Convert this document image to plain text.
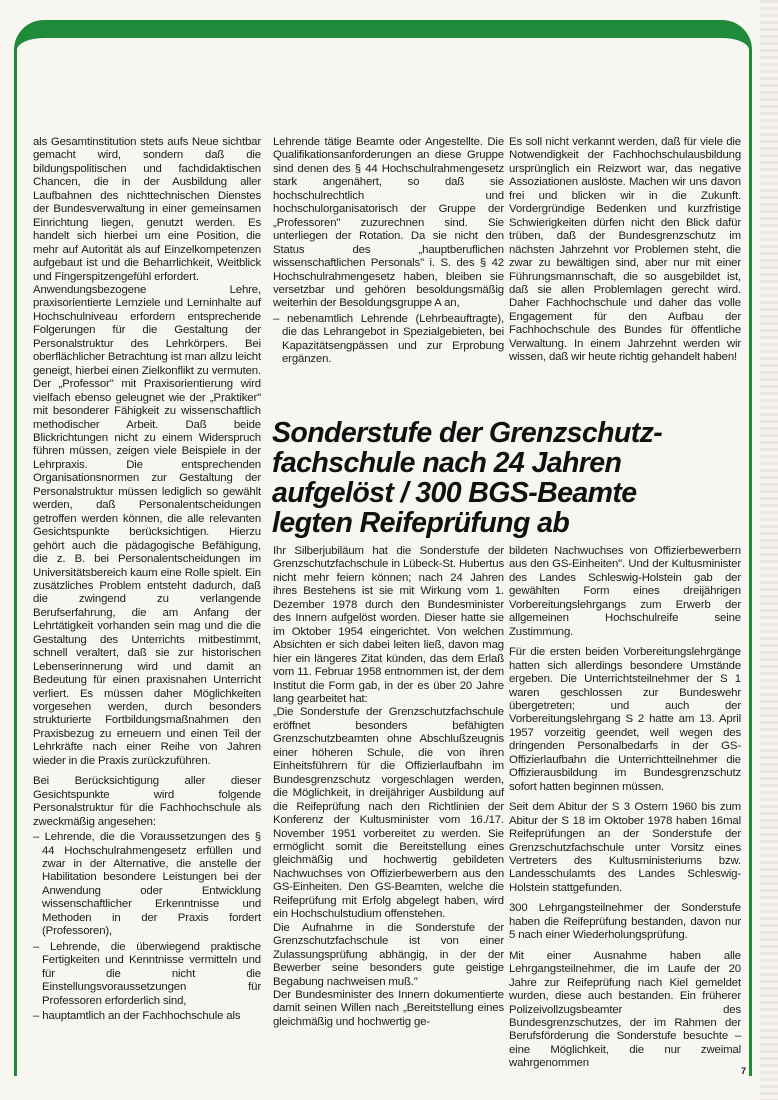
als Gesamtinstitution stets aufs Neue sichtbar gemacht wird, sondern daß die bildungspolitischen und fachdidaktischen Chancen, die in der Ausbildung aller Laufbahnen des nichttechnischen Dienstes der Bundesverwaltung in einer gemeinsamen Einrichtung liegen, genutzt werden. Es handelt sich hierbei um eine Position, die mehr auf Autorität als auf Einzelkompetenzen aufgebaut ist und die Beharrlichkeit, Weitblick und Fingerspitzengefühl erfordert.

Anwendungsbezogene Lehre, praxisorientierte Lernziele und Lerninhalte auf Hochschulniveau erfordern entsprechende Folgerungen für die Gestaltung der Personalstruktur des Lehrkörpers. Bei oberflächlicher Betrachtung ist man allzu leicht geneigt, hierbei einen Zielkonflikt zu vermuten. Der „Professor" mit Praxisorientierung wird vielfach ebenso geleugnet wie der „Praktiker" mit besonderer Fähigkeit zu wissenschaftlich methodischer Arbeit. Daß beide Blickrichtungen nicht zu einem Widerspruch führen müssen, zeigen viele Beispiele in der Lehrpraxis. Die entsprechenden Organisationsnormen zur Gestaltung der Personalstruktur müssen lediglich so gewählt werden, daß Personalentscheidungen getroffen werden können, die alle relevanten Gesichtspunkte berücksichtigen. Hierzu gehört auch die pädagogische Befähigung, die z. B. bei Personalentscheidungen im Universitätsbereich kaum eine Rolle spielt. Ein zusätzliches Problem entsteht dadurch, daß die zwingend zu verlangende Berufserfahrung, die am Anfang der Lehrtätigkeit vorhanden sein mag und die die Gestaltung des Unterrichts mitbestimmt, schnell veraltert, daß sie zur historischen Lebenserinnerung wird und damit an Bedeutung für einen praxisnahen Unterricht verliert. Es müssen daher Möglichkeiten vorgesehen werden, durch besonders strukturierte Fortbildungsmaßnahmen den Praxisbezug zu erneuern und einen Teil der Lehrkräfte nach einer Reihe von Jahren wieder in die Praxis zurückzuführen.

Bei Berücksichtigung aller dieser Gesichtspunkte wird folgende Personalstruktur für die Fachhochschule als zweckmäßig angesehen:

– Lehrende, die die Voraussetzungen des § 44 Hochschulrahmengesetz erfüllen und zwar in der Alternative, die anstelle der Habilitation besondere Leistungen bei der Anwendung oder Entwicklung wissenschaftlicher Erkenntnisse und Methoden in der Praxis fordert (Professoren),

– Lehrende, die überwiegend praktische Fertigkeiten und Kenntnisse vermitteln und für die nicht die Einstellungsvoraussetzungen für Professoren erforderlich sind,

– hauptamtlich an der Fachhochschule als

Lehrende tätige Beamte oder Angestellte. Die Qualifikationsanforderungen an diese Gruppe sind denen des § 44 Hochschulrahmengesetz stark angenähert, so daß sie hochschulrechtlich und hochschulorganisatorisch der Gruppe der „Professoren" zuzurechnen sind. Sie unterliegen der Rotation. Da sie nicht den Status des „hauptberuflichen wissenschaftlichen Personals" i. S. des § 42 Hochschulrahmengesetz haben, bleiben sie versetzbar und gehören besoldungsmäßig weiterhin der Besoldungsgruppe A an,

– nebenamtlich Lehrende (Lehrbeauftragte), die das Lehrangebot in Spezialgebieten, bei Kapazitätsengpässen und zur Erprobung ergänzen.

Es soll nicht verkannt werden, daß für viele die Notwendigkeit der Fachhochschulausbildung ursprünglich ein Reizwort war, das negative Assoziationen auslöste. Machen wir uns davon frei und blicken wir in die Zukunft. Vordergründige Bedenken und kurzfristige Schwierigkeiten dürfen nicht den Blick dafür trüben, daß der Bundesgrenzschutz im nächsten Jahrzehnt vor Problemen steht, die zwar zu bewältigen sind, aber nur mit einer Führungsmannschaft, die so ausgebildet ist, daß sie allen Problemlagen gerecht wird. Daher Fachhochschule und daher das volle Engagement für den Aufbau der Fachhochschule des Bundes für öffentliche Verwaltung. In einem Jahrzehnt werden wir wissen, daß wir heute richtig gehandelt haben!

Sonderstufe der Grenzschutz-
fachschule nach 24 Jahren
aufgelöst / 300 BGS-Beamte
legten Reifeprüfung ab

Ihr Silberjubiläum hat die Sonderstufe der Grenzschutzfachschule in Lübeck-St. Hubertus nicht mehr feiern können; nach 24 Jahren ihres Bestehens ist sie mit Wirkung vom 1. Dezember 1978 durch den Bundesminister des Innern aufgelöst worden. Dieser hatte sie im Oktober 1954 eingerichtet. Von welchen Absichten er sich dabei leiten ließ, davon mag hier ein längeres Zitat künden, das dem Erlaß vom 11. Februar 1958 entnommen ist, der dem Institut die Form gab, in der es über 20 Jahre lang gearbeitet hat:

„Die Sonderstufe der Grenzschutzfachschule eröffnet besonders befähigten Grenzschutzbeamten ohne Abschlußzeugnis einer höheren Schule, die von ihren Einheitsführern für die Offizierlaufbahn im Bundesgrenzschutz vorgeschlagen werden, die Möglichkeit, in dreijähriger Ausbildung auf die Reifeprüfung nach den Richtlinien der Konferenz der Kultusminister vom 16./17. November 1951 vorbereitet zu werden. Sie ermöglicht somit die Bereitstellung eines gleichmäßig und hochwertig gebildeten Nachwuchses von Offizierbewerbern aus den GS-Einheiten. Den GS-Beamten, welche die Reifeprüfung mit Erfolg abgelegt haben, wird ein Hochschulstudium offenstehen.

Die Aufnahme in die Sonderstufe der Grenzschutzfachschule ist von einer Zulassungsprüfung abhängig, in der der Bewerber seine besonders gute geistige Begabung nachweisen muß."

Der Bundesminister des Innern dokumentierte damit seinen Willen nach „Bereitstellung eines gleichmäßig und hochwertig ge-

bildeten Nachwuchses von Offizierbewerbern aus den GS-Einheiten". Und der Kultusminister des Landes Schleswig-Holstein gab der gewählten Form eines dreijährigen Vorbereitungslehrgangs zum Erwerb der allgemeinen Hochschulreife seine Zustimmung.

Für die ersten beiden Vorbereitungslehrgänge hatten sich allerdings besondere Umstände ergeben. Die Unterrichtsteilnehmer der S 1 waren geschlossen zur Bundeswehr übergetreten; und auch der Vorbereitungslehrgang S 2 hatte am 13. April 1957 vorzeitig geendet, weil wegen des dringenden Personalbedarfs in der GS-Offizierlaufbahn die Unterrichtteilnehmer die Offizierausbildung im Bundesgrenzschutz sofort hatten beginnen müssen.

Seit dem Abitur der S 3 Ostern 1960 bis zum Abitur der S 18 im Oktober 1978 haben 16mal Reifeprüfungen an der Sonderstufe der Grenzschutzfachschule unter Vorsitz eines Vertreters des Kultusministeriums bzw. Landesschulamts des Landes Schleswig-Holstein stattgefunden.

300 Lehrgangsteilnehmer der Sonderstufe haben die Reifeprüfung bestanden, davon nur 5 nach einer Wiederholungsprüfung.

Mit einer Ausnahme haben alle Lehrgangsteilnehmer, die im Laufe der 20 Jahre zur Reifeprüfung nach Kiel gemeldet wurden, diese auch bestanden. Ein früherer Polizeivollzugsbeamter des Bundesgrenzschutzes, der im Rahmen der Berufsförderung die Sonderstufe besuchte – eine Möglichkeit, die nur zweimal wahrgenommen

7
